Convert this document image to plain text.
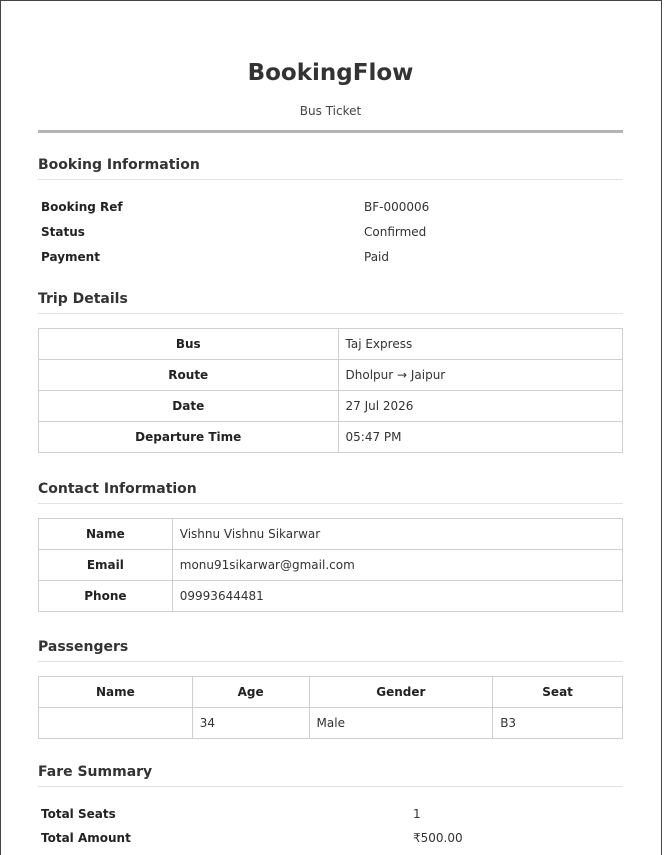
BookingFlow
Bus Ticket
Booking Information
Booking Ref	BF-000006
Status	Confirmed
Payment	Paid
Trip Details
Bus	Taj Express
Route	Dholpur → Jaipur
Date	27 Jul 2026
Departure Time	05:47 PM
Contact Information
Name	Vishnu Vishnu Sikarwar
Email	monu91sikarwar@gmail.com
Phone	09993644481
Passengers
Name	Age	Gender	Seat
	34	Male	B3
Fare Summary
Total Seats	1
Total Amount	₹500.00
